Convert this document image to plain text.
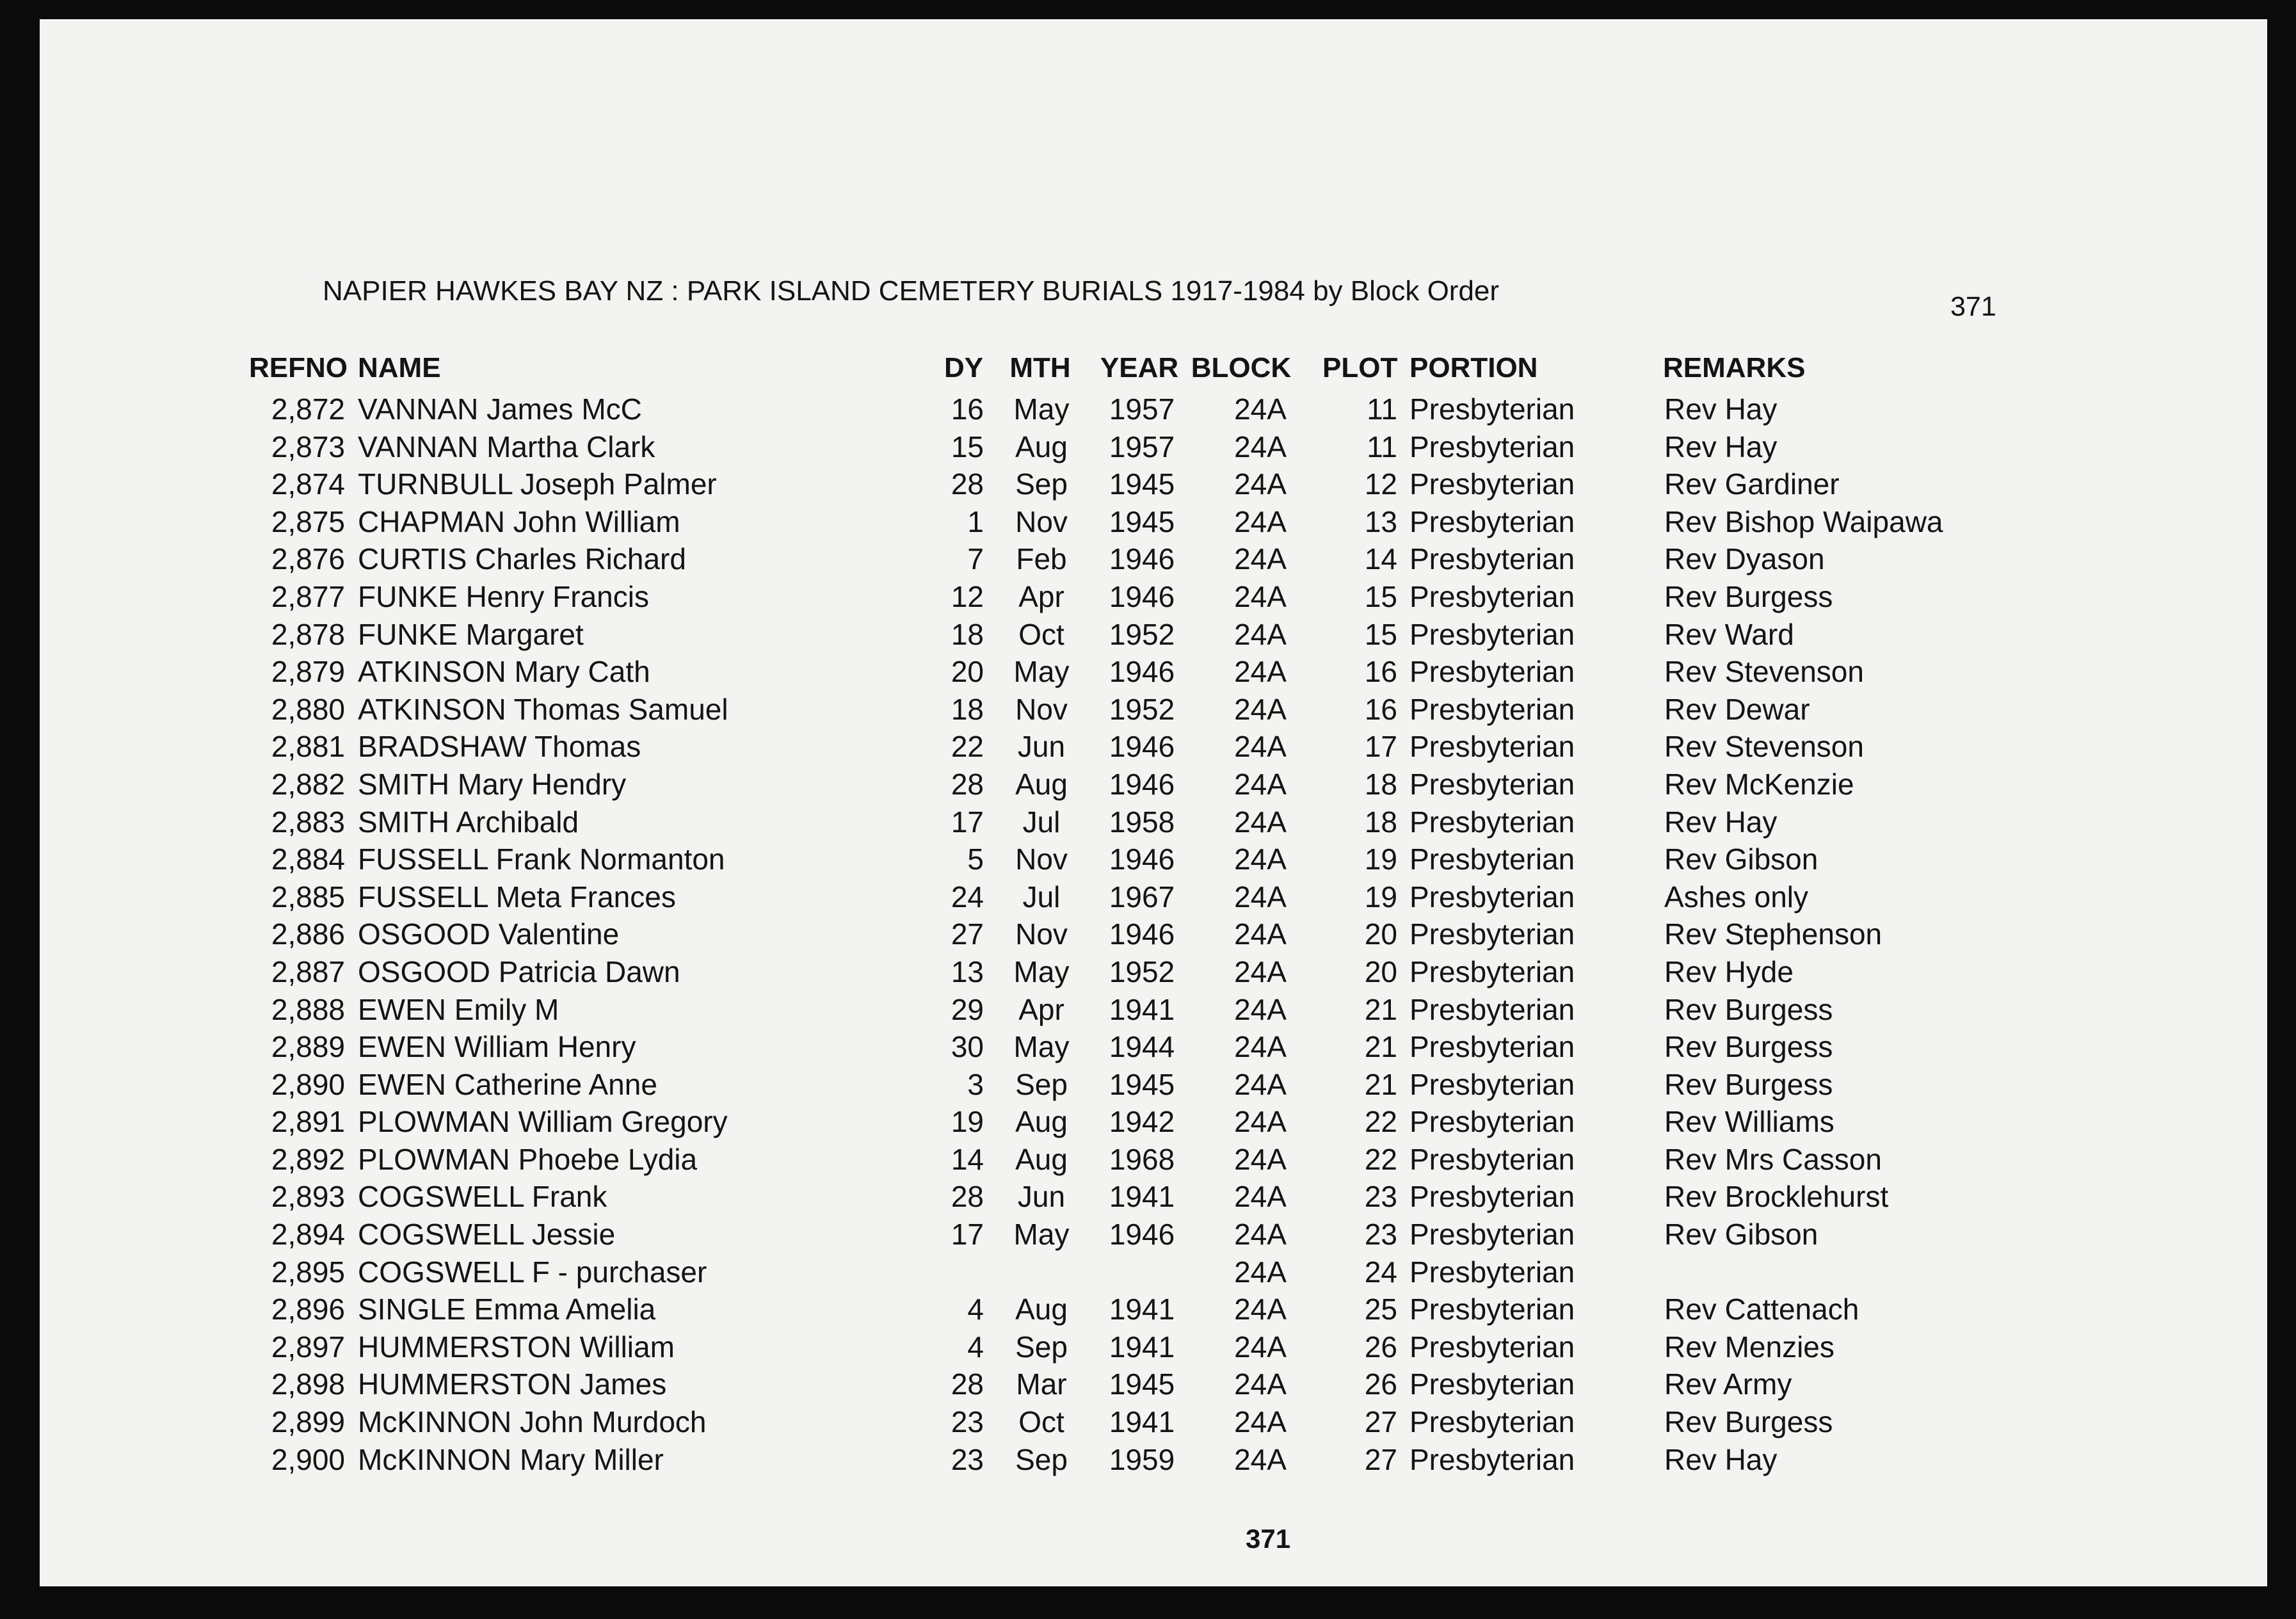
NAPIER HAWKES BAY NZ : PARK ISLAND CEMETERY BURIALS 1917-1984 by Block Order	371
REFNO NAME	DY MTH YEAR BLOCK PLOT PORTION	REMARKS
2,872 VANNAN James McC	16 May 1957 24A	11 Presbyterian	Rev Hay
2,873 VANNAN Martha Clark	15 Aug 1957 24A	11 Presbyterian	Rev Hay
2,874 TURNBULL Joseph Palmer	28 Sep 1945 24A	12 Presbyterian	Rev Gardiner
2,875 CHAPMAN John William	1 Nov 1945 24A	13 Presbyterian	Rev Bishop Waipawa
2,876 CURTIS Charles Richard	7 Feb 1946 24A	14 Presbyterian	Rev Dyason
2,877 FUNKE Henry Francis	12 Apr 1946 24A	15 Presbyterian	Rev Burgess
2,878 FUNKE Margaret	18 Oct 1952 24A	15 Presbyterian	Rev Ward
2,879 ATKINSON Mary Cath	20 May 1946 24A	16 Presbyterian	Rev Stevenson
2,880 ATKINSON Thomas Samuel	18 Nov 1952 24A	16 Presbyterian	Rev Dewar
2,881 BRADSHAW Thomas	22 Jun 1946 24A	17 Presbyterian	Rev Stevenson
2,882 SMITH Mary Hendry	28 Aug 1946 24A	18 Presbyterian	Rev McKenzie
2,883 SMITH Archibald	17 Jul 1958 24A	18 Presbyterian	Rev Hay
2,884 FUSSELL Frank Normanton	5 Nov 1946 24A	19 Presbyterian	Rev Gibson
2,885 FUSSELL Meta Frances	24 Jul 1967 24A	19 Presbyterian	Ashes only
2,886 OSGOOD Valentine	27 Nov 1946 24A	20 Presbyterian	Rev Stephenson
2,887 OSGOOD Patricia Dawn	13 May 1952 24A	20 Presbyterian	Rev Hyde
2,888 EWEN Emily M	29 Apr 1941 24A	21 Presbyterian	Rev Burgess
2,889 EWEN William Henry	30 May 1944 24A	21 Presbyterian	Rev Burgess
2,890 EWEN Catherine Anne	3 Sep 1945 24A	21 Presbyterian	Rev Burgess
2,891 PLOWMAN William Gregory	19 Aug 1942 24A	22 Presbyterian	Rev Williams
2,892 PLOWMAN Phoebe Lydia	14 Aug 1968 24A	22 Presbyterian	Rev Mrs Casson
2,893 COGSWELL Frank	28 Jun 1941 24A	23 Presbyterian	Rev Brocklehurst
2,894 COGSWELL Jessie	17 May 1946 24A	23 Presbyterian	Rev Gibson
2,895 COGSWELL F - purchaser	24A	24 Presbyterian
2,896 SINGLE Emma Amelia	4 Aug 1941 24A	25 Presbyterian	Rev Cattenach
2,897 HUMMERSTON William	4 Sep 1941 24A	26 Presbyterian	Rev Menzies
2,898 HUMMERSTON James	28 Mar 1945 24A	26 Presbyterian	Rev Army
2,899 McKINNON John Murdoch	23 Oct 1941 24A	27 Presbyterian	Rev Burgess
2,900 McKINNON Mary Miller	23 Sep 1959 24A	27 Presbyterian	Rev Hay
371
